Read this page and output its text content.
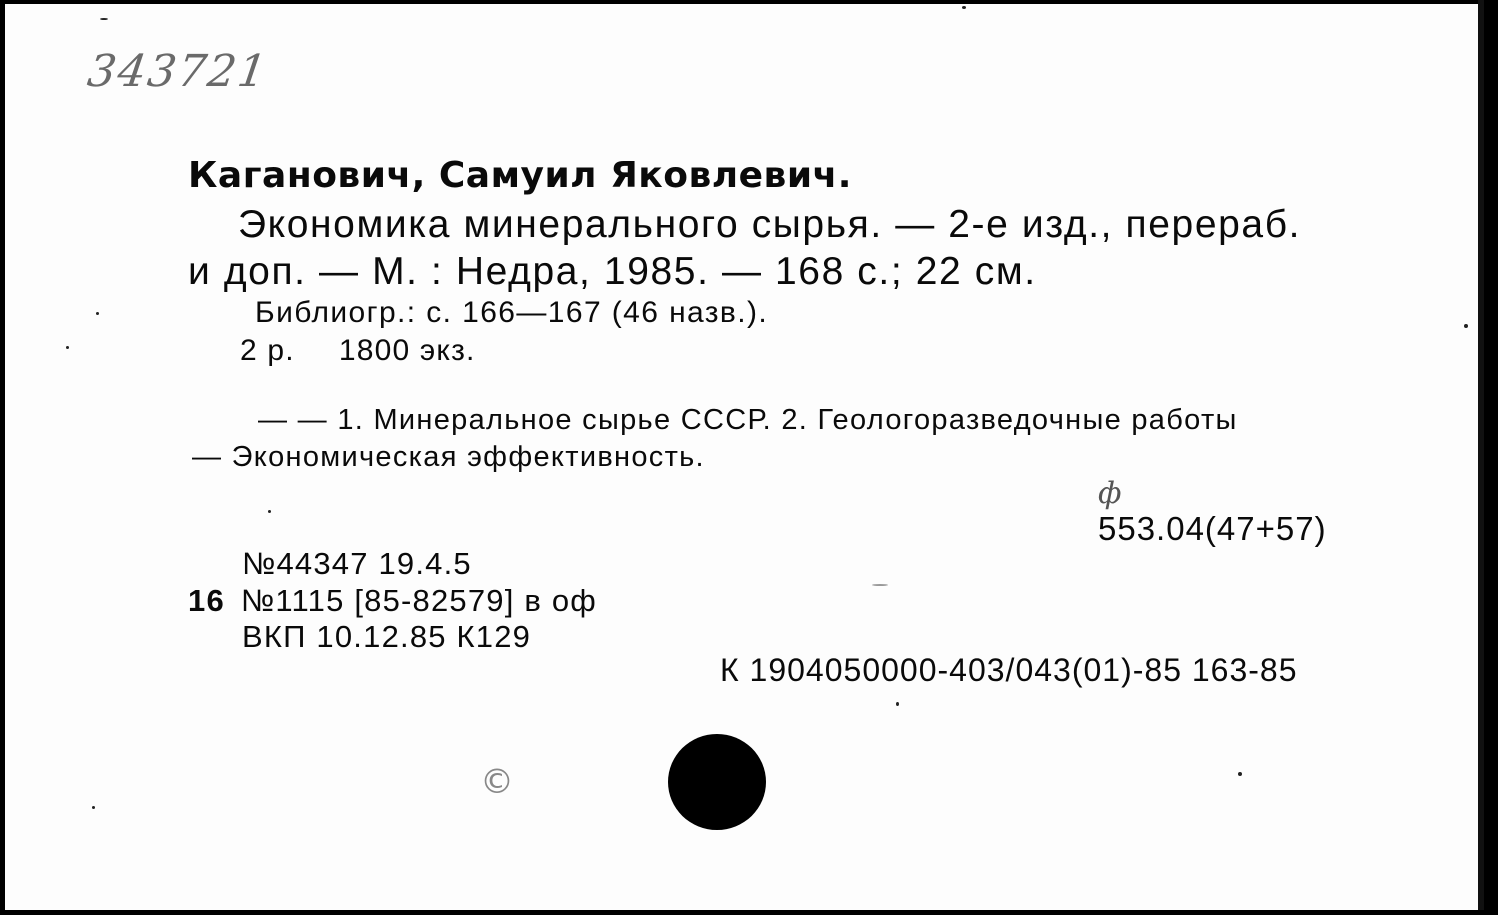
343721
Каганович, Самуил Яковлевич.
Экономика минерального сырья. — 2-е изд., перераб.
и доп. — М. : Недра, 1985. — 168 с.; 22 см.
Библиогр.: с. 166—167 (46 назв.).
2 р. 1800 экз.
— — 1. Минеральное сырье СССР. 2. Геологоразведочные работы
— Экономическая эффективность.
ф
553.04(47+57)
№44347 19.4.5
16 №1115 [85-82579] в оф
ВКП 10.12.85 К129
К 1904050000-403/043(01)-85 163-85
©
